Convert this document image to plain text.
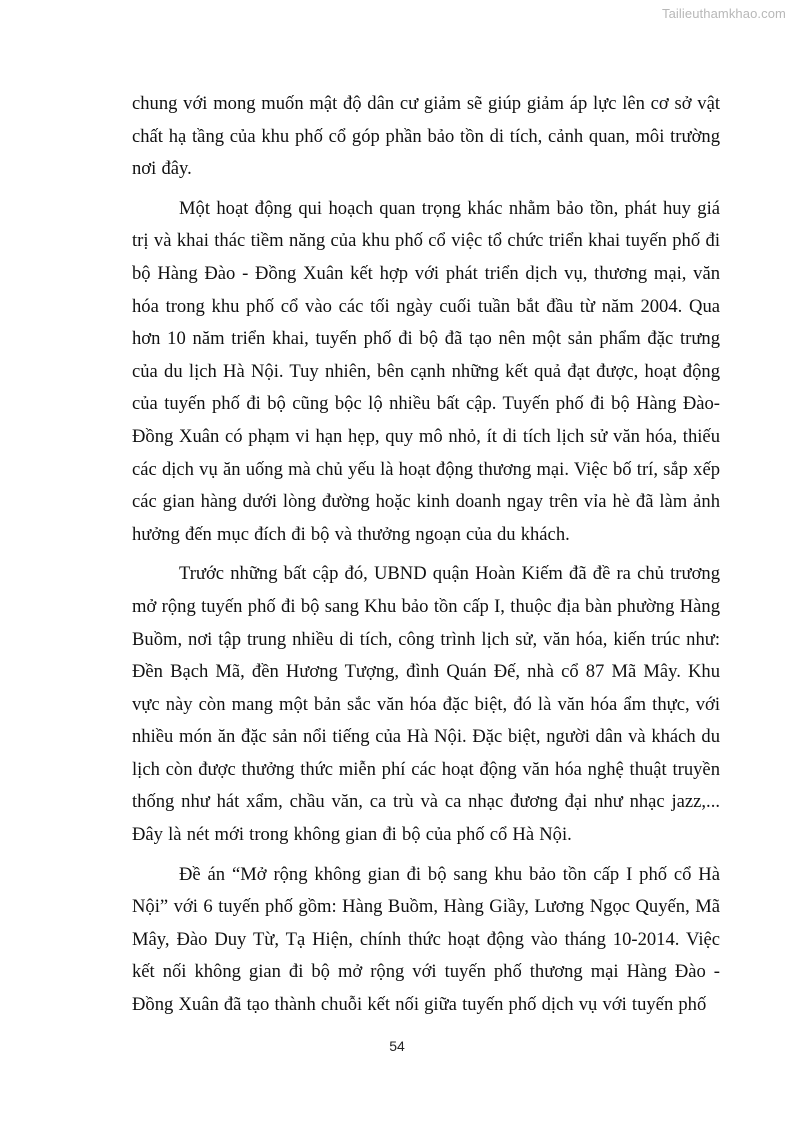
Tailieuthamkhao.com

chung với mong muốn mật độ dân cư giảm sẽ giúp giảm áp lực lên cơ sở vật chất hạ tầng của khu phố cổ góp phần bảo tồn di tích, cảnh quan, môi trường nơi đây.

Một hoạt động qui hoạch quan trọng khác nhằm bảo tồn, phát huy giá trị và khai thác tiềm năng của khu phố cổ việc tổ chức triển khai tuyến phố đi bộ Hàng Đào - Đồng Xuân kết hợp với phát triển dịch vụ, thương mại, văn hóa trong khu phố cổ vào các tối ngày cuối tuần bắt đầu từ năm 2004. Qua hơn 10 năm triển khai, tuyến phố đi bộ đã tạo nên một sản phẩm đặc trưng của du lịch Hà Nội. Tuy nhiên, bên cạnh những kết quả đạt được, hoạt động của tuyến phố đi bộ cũng bộc lộ nhiều bất cập. Tuyến phố đi bộ Hàng Đào-Đồng Xuân có phạm vi hạn hẹp, quy mô nhỏ, ít di tích lịch sử văn hóa, thiếu các dịch vụ ăn uống mà chủ yếu là hoạt động thương mại. Việc bố trí, sắp xếp các gian hàng dưới lòng đường hoặc kinh doanh ngay trên vỉa hè đã làm ảnh hưởng đến mục đích đi bộ và thưởng ngoạn của du khách.

Trước những bất cập đó, UBND quận Hoàn Kiếm đã đề ra chủ trương mở rộng tuyến phố đi bộ sang Khu bảo tồn cấp I, thuộc địa bàn phường Hàng Buồm, nơi tập trung nhiều di tích, công trình lịch sử, văn hóa, kiến trúc như: Đền Bạch Mã, đền Hương Tượng, đình Quán Đế, nhà cổ 87 Mã Mây. Khu vực này còn mang một bản sắc văn hóa đặc biệt, đó là văn hóa ẩm thực, với nhiều món ăn đặc sản nổi tiếng của Hà Nội. Đặc biệt, người dân và khách du lịch còn được thưởng thức miễn phí các hoạt động văn hóa nghệ thuật truyền thống như hát xẩm, chầu văn, ca trù và ca nhạc đương đại như nhạc jazz,... Đây là nét mới trong không gian đi bộ của phố cổ Hà Nội.

Đề án “Mở rộng không gian đi bộ sang khu bảo tồn cấp I phố cổ Hà Nội” với 6 tuyến phố gồm: Hàng Buồm, Hàng Giầy, Lương Ngọc Quyến, Mã Mây, Đào Duy Từ, Tạ Hiện, chính thức hoạt động vào tháng 10-2014. Việc kết nối không gian đi bộ mở rộng với tuyến phố thương mại Hàng Đào - Đồng Xuân đã tạo thành chuỗi kết nối giữa tuyến phố dịch vụ với tuyến phố

54
